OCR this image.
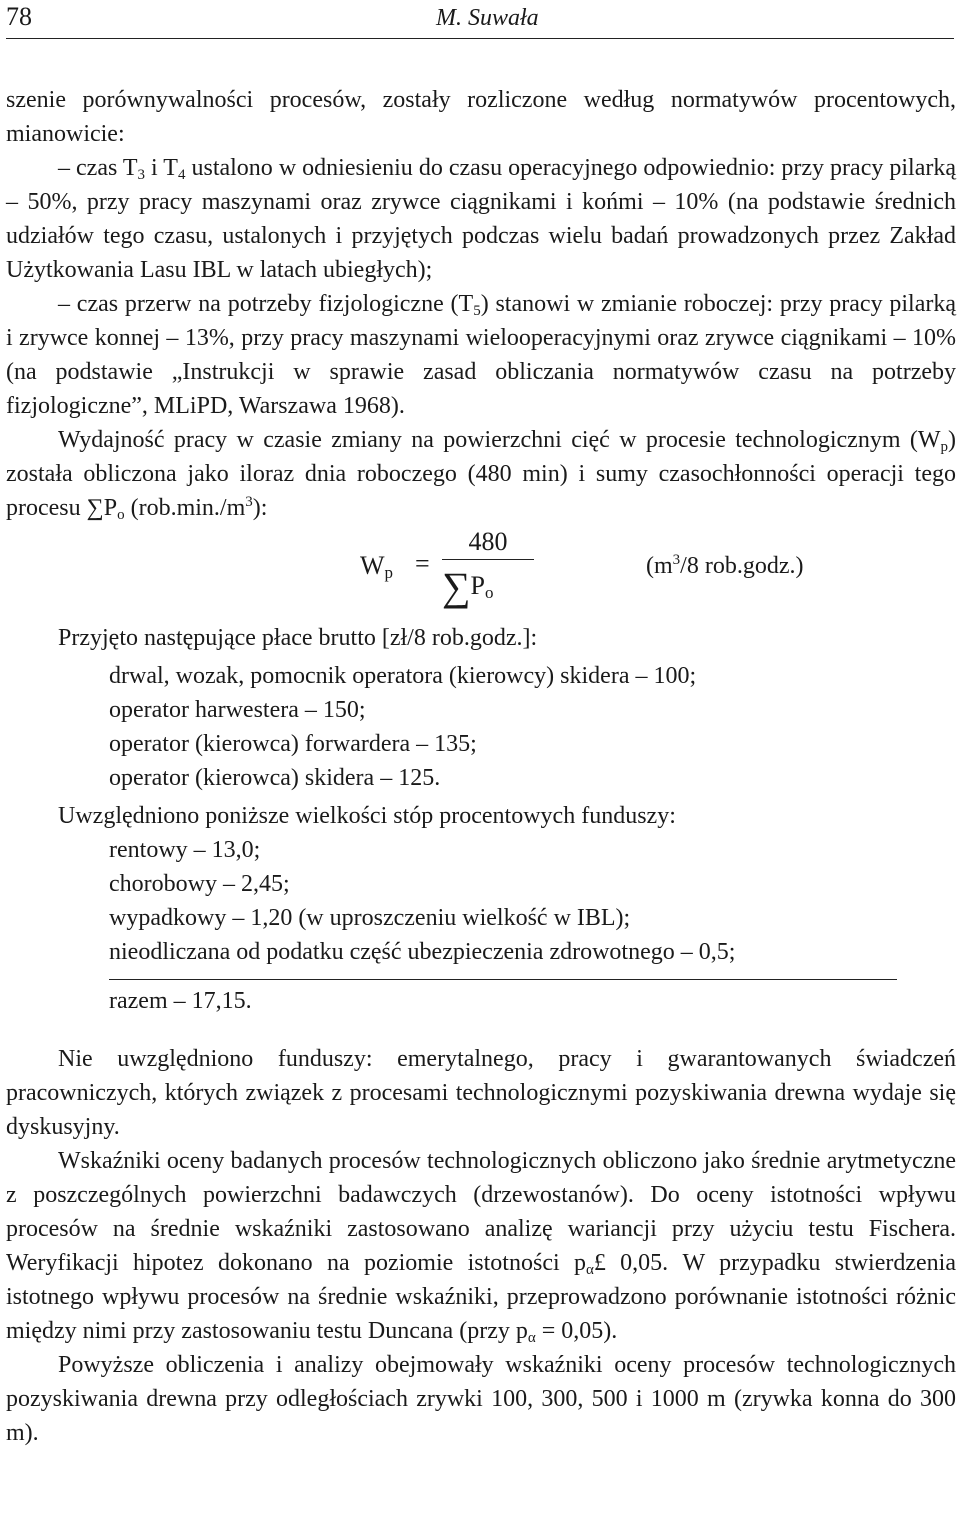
78	M. Suwała

szenie porównywalności procesów, zostały rozliczone według normatywów procentowych, mianowicie:

– czas $T_3$ i $T_4$ ustalono w odniesieniu do czasu operacyjnego odpowiednio: przy pracy pilarką – 50%, przy pracy maszynami oraz zrywce ciągnikami i końmi – 10% (na podstawie średnich udziałów tego czasu, ustalonych i przyjętych podczas wielu badań prowadzonych przez Zakład Użytkowania Lasu IBL w latach ubiegłych);

– czas przerw na potrzeby fizjologiczne $(T_5)$ stanowi w zmianie roboczej: przy pracy pilarką i zrywce konnej – 13%, przy pracy maszynami wielooperacyjnymi oraz zrywce ciągnikami – 10% (na podstawie „Instrukcji w sprawie zasad obliczania normatywów czasu na potrzeby fizjologiczne”, MLiPD, Warszawa 1968).

Wydajność pracy w czasie zmiany na powierzchni cięć w procesie technologicznym $(W_p)$ została obliczona jako iloraz dnia roboczego (480 min) i sumy czasochłonności operacji tego procesu $\sum P_o$ $(rob.\min./m^3)$:

$W_p$ =
480
$\sum P_o$
($m^3/8$ rob.godz.)

Przyjęto następujące płace brutto [zł/8 rob.godz.]:

drwal, wozak, pomocnik operatora (kierowcy) skidera – 100;

operator harwestera – 150;

operator (kierowca) forwardera – 135;

operator (kierowca) skidera – 125.

Uwzględniono poniższe wielkości stóp procentowych funduszy:

rentowy – 13,0;

chorobowy – 2,45;

wypadkowy – 1,20 (w uproszczeniu wielkość w IBL);

nieodliczana od podatku część ubezpieczenia zdrowotnego – 0,5;

razem – 17,15.

Nie uwzględniono funduszy: emerytalnego, pracy i gwarantowanych świadczeń pracowniczych, których związek z procesami technologicznymi pozyskiwania drewna wydaje się dyskusyjny.

Wskaźniki oceny badanych procesów technologicznych obliczono jako średnie arytmetyczne z poszczególnych powierzchni badawczych (drzewostanów). Do oceny istotności wpływu procesów na średnie wskaźniki zastosowano analizę wariancji przy użyciu testu Fischera. Weryfikacji hipotez dokonano na poziomie istotności $p_\alpha£$ 0,05. W przypadku stwierdzenia istotnego wpływu procesów na średnie wskaźniki, przeprowadzono porównanie istotności różnic między nimi przy zastosowaniu testu Duncana (przy $p_\alpha = 0,05$).

Powyższe obliczenia i analizy obejmowały wskaźniki oceny procesów technologicznych pozyskiwania drewna przy odległościach zrywki 100, 300, 500 i 1000 m (zrywka konna do 300 m).
